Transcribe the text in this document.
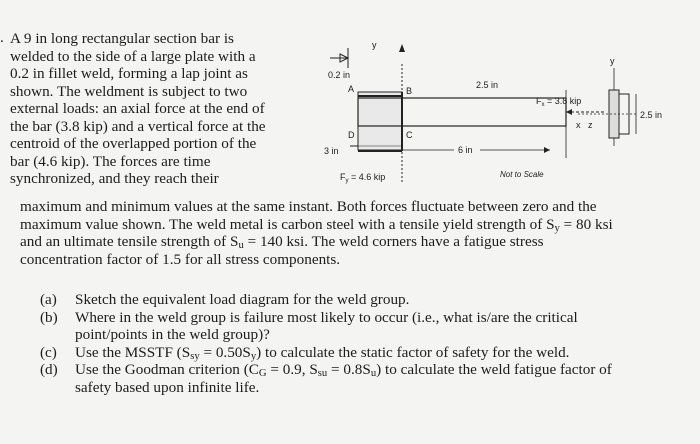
. A 9 in long rectangular section bar is
welded to the side of a large plate with a
0.2 in fillet weld, forming a lap joint as
shown. The weldment is subject to two
external loads: an axial force at the end of
the bar (3.8 kip) and a vertical force at the
centroid of the overlapped portion of the
bar (4.6 kip). The forces are time
synchronized, and they reach their
y
0.2 in
A	B
C
D
3 in
2.5 in
6 in
$F_x = 3.8$ kip
$F_y = 4.6$ kip	Not to Scale
y
x z
2.5 in
maximum and minimum values at the same instant. Both forces fluctuate between zero and the
maximum value shown. The weld metal is carbon steel with a tensile yield strength of $S_y = 80$ ksi
and an ultimate tensile strength of $S_u = 140$ ksi. The weld corners have a fatigue stress
concentration factor of 1.5 for all stress components.
(a)	Sketch the equivalent load diagram for the weld group.
(b)	Where in the weld group is failure most likely to occur (i.e., what is/are the critical
point/points in the weld group)?
(c)	Use the MSSTF $(S_{sy} = 0.50S_y)$ to calculate the static factor of safety for the weld.
(d)	Use the Goodman criterion ($C_G = 0.9$, $S_{su} = 0.8S_u$) to calculate the weld fatigue factor of
safety based upon infinite life.
